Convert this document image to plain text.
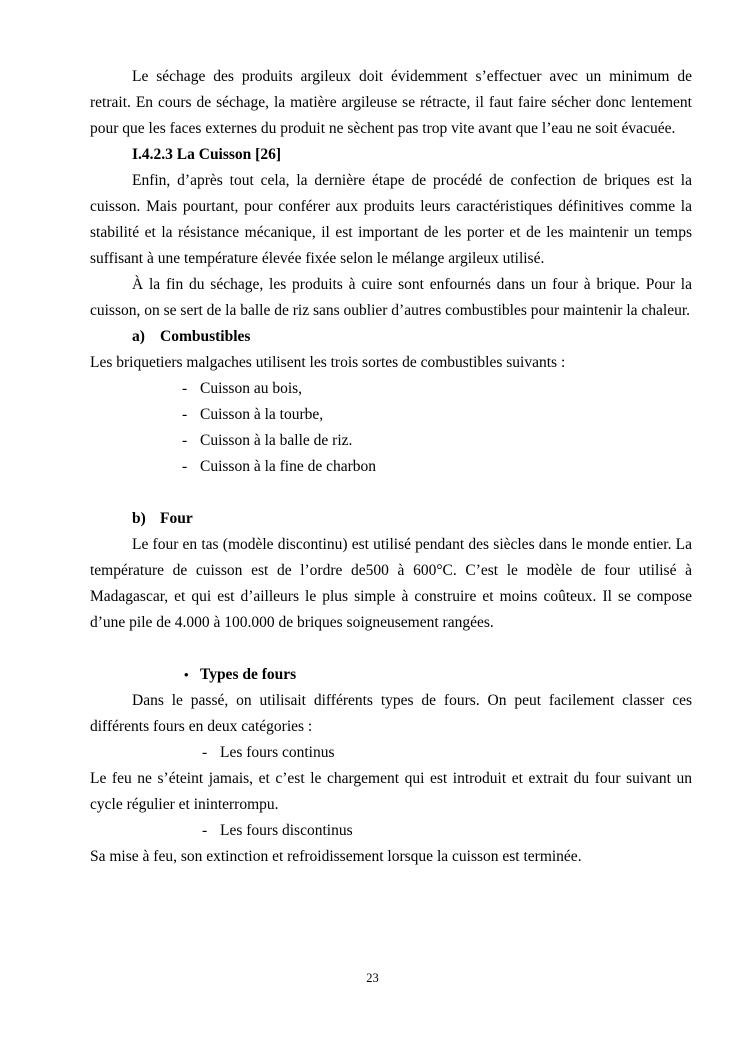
Le séchage des produits argileux doit évidemment s’effectuer avec un minimum de retrait. En cours de séchage, la matière argileuse se rétracte, il faut faire sécher donc lentement pour que les faces externes du produit ne sèchent pas trop vite avant que l’eau ne soit évacuée.

I.4.2.3 La Cuisson [26]

Enfin, d’après tout cela, la dernière étape de procédé de confection de briques est la cuisson. Mais pourtant, pour conférer aux produits leurs caractéristiques définitives comme la stabilité et la résistance mécanique, il est important de les porter et de les maintenir un temps suffisant à une température élevée fixée selon le mélange argileux utilisé.

À la fin du séchage, les produits à cuire sont enfournés dans un four à brique. Pour la cuisson, on se sert de la balle de riz sans oublier d’autres combustibles pour maintenir la chaleur.

a) Combustibles

Les briquetiers malgaches utilisent les trois sortes de combustibles suivants :

- Cuisson au bois,
- Cuisson à la tourbe,
- Cuisson à la balle de riz.
- Cuisson à la fine de charbon
b) Four

Le four en tas (modèle discontinu) est utilisé pendant des siècles dans le monde entier. La température de cuisson est de l’ordre de500 à 600°C. C’est le modèle de four utilisé à Madagascar, et qui est d’ailleurs le plus simple à construire et moins coûteux. Il se compose d’une pile de 4.000 à 100.000 de briques soigneusement rangées.

• Types de fours

Dans le passé, on utilisait différents types de fours. On peut facilement classer ces différents fours en deux catégories :

- Les fours continus

Le feu ne s’éteint jamais, et c’est le chargement qui est introduit et extrait du four suivant un cycle régulier et ininterrompu.

- Les fours discontinus

Sa mise à feu, son extinction et refroidissement lorsque la cuisson est terminée.

23
